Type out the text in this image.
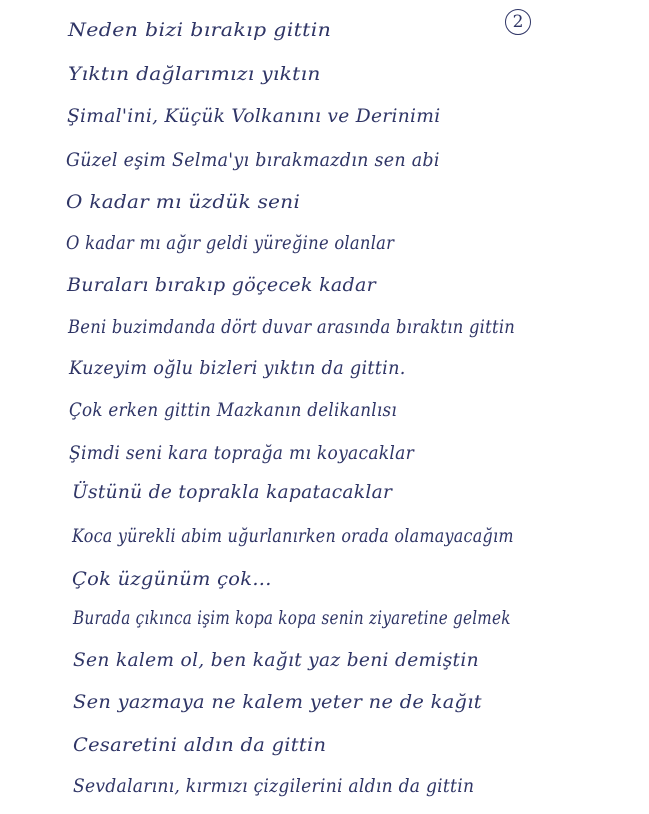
2
Neden bizi bırakıp gittin
Yıktın dağlarımızı yıktın
Şimal'ini, Küçük Volkanını ve Derinimi
Güzel eşim Selma'yı bırakmazdın sen abi
O kadar mı üzdük seni
O kadar mı ağır geldi yüreğine olanlar
Buraları bırakıp göçecek kadar
Beni buzimdanda dört duvar arasında bıraktın gittin
Kuzeyim oğlu bizleri yıktın da gittin.
Çok erken gittin Mazkanın delikanlısı
Şimdi seni kara toprağa mı koyacaklar
Üstünü de toprakla kapatacaklar
Koca yürekli abim uğurlanırken orada olamayacağım
Çok üzgünüm çok...
Burada çıkınca işim kopa kopa senin ziyaretine gelmek
Sen kalem ol, ben kağıt yaz beni demiştin
Sen yazmaya ne kalem yeter ne de kağıt
Cesaretini aldın da gittin
Sevdalarını, kırmızı çizgilerini aldın da gittin
